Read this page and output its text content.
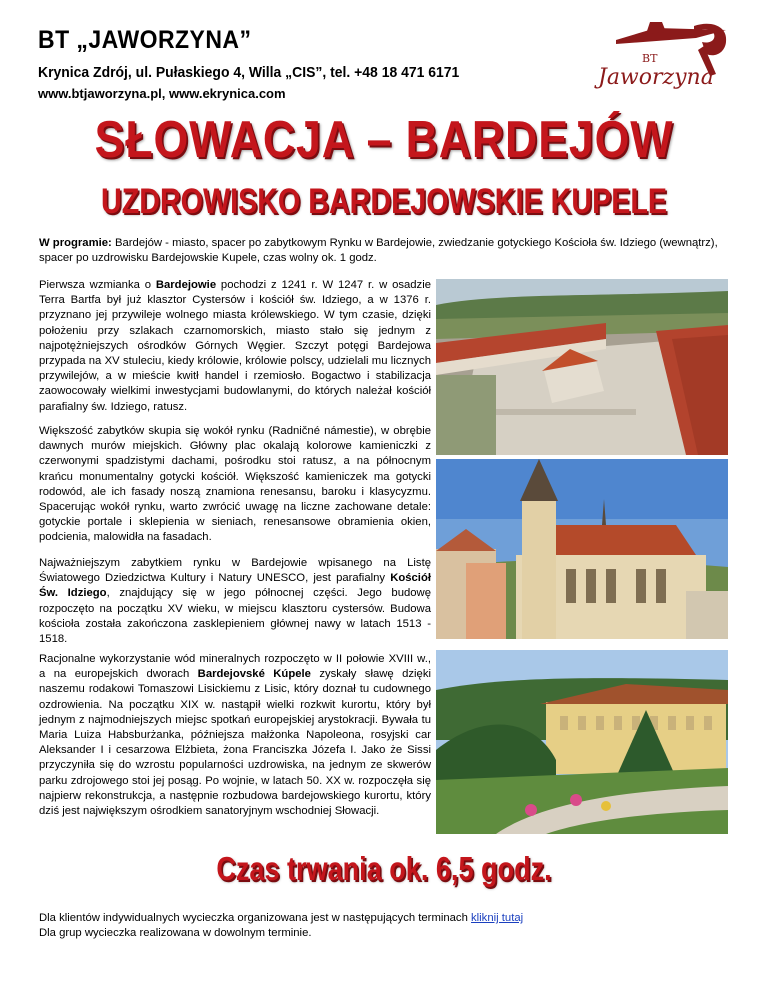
BT „JAWORZYNA”
Krynica Zdrój, ul. Pułaskiego 4, Willa „CIS”, tel. +48 18 471 6171
www.btjaworzyna.pl, www.ekrynica.com
BT
Jaworzyna
SŁOWACJA – BARDEJÓW
UZDROWISKO BARDEJOWSKIE KUPELE
W programie: Bardejów - miasto, spacer po zabytkowym Rynku w Bardejowie, zwiedzanie gotyckiego Kościoła św. Idziego (wewnątrz), spacer po uzdrowisku Bardejowskie Kupele, czas wolny ok. 1 godz.
Pierwsza wzmianka o Bardejowie pochodzi z 1241 r. W 1247 r. w osadzie Terra Bartfa był już klasztor Cystersów i kościół św. Idziego, a w 1376 r. przyznano jej przywileje wolnego miasta królewskiego. W tym czasie, dzięki położeniu przy szlakach czarnomorskich, miasto stało się jednym z najpotężniejszych ośrodków Górnych Węgier. Szczyt potęgi Bardejowa przypada na XV stuleciu, kiedy królowie, królowie polscy, udzielali mu licznych przywilejów, a w mieście kwitł handel i rzemiosło. Bogactwo i stabilizacja zaowocowały wielkimi inwestycjami budowlanymi, do których należał kościół parafialny św. Idziego, ratusz.
Większość zabytków skupia się wokół rynku (Radničné námestie), w obrębie dawnych murów miejskich. Główny plac okalają kolorowe kamieniczki z czerwonymi spadzistymi dachami, pośrodku stoi ratusz, a na północnym krańcu monumentalny gotycki kościół. Większość kamieniczek ma gotycki rodowód, ale ich fasady noszą znamiona renesansu, baroku i klasycyzmu. Spacerując wokół rynku, warto zwrócić uwagę na liczne zachowane detale: gotyckie portale i sklepienia w sieniach, renesansowe obramienia okien, podcienia, malowidła na fasadach.
Najważniejszym zabytkiem rynku w Bardejowie wpisanego na Listę Światowego Dziedzictwa Kultury i Natury UNESCO, jest parafialny Kościół Św. Idziego, znajdujący się w jego północnej części. Jego budowę rozpoczęto na początku XV wieku, w miejscu klasztoru cystersów. Budowa kościoła została zakończona zasklepieniem głównej nawy w latach 1513 - 1518.
Racjonalne wykorzystanie wód mineralnych rozpoczęto w II połowie XVIII w., a na europejskich dworach Bardejovské Kúpele zyskały sławę dzięki naszemu rodakowi Tomaszowi Lisickiemu z Lisic, który doznał tu cudownego ozdrowienia. Na początku XIX w. nastąpił wielki rozkwit kurortu, który był jednym z najmodniejszych miejsc spotkań europejskiej arystokracji. Bywała tu Maria Luiza Habsburżanka, późniejsza małżonka Napoleona, rosyjski car Aleksander I i cesarzowa Elżbieta, żona Franciszka Józefa I. Jako że Sissi przyczyniła się do wzrostu popularności uzdrowiska, na jednym ze skwerów parku zdrojowego stoi jej posąg. Po wojnie, w latach 50. XX w. rozpoczęła się najpierw rekonstrukcja, a następnie rozbudowa bardejowskiego kurortu, który dziś jest największym ośrodkiem sanatoryjnym wschodniej Słowacji.
Czas trwania ok. 6,5 godz.
Dla klientów indywidualnych wycieczka organizowana jest w następujących terminach kliknij tutaj
Dla grup wycieczka realizowana w dowolnym terminie.
